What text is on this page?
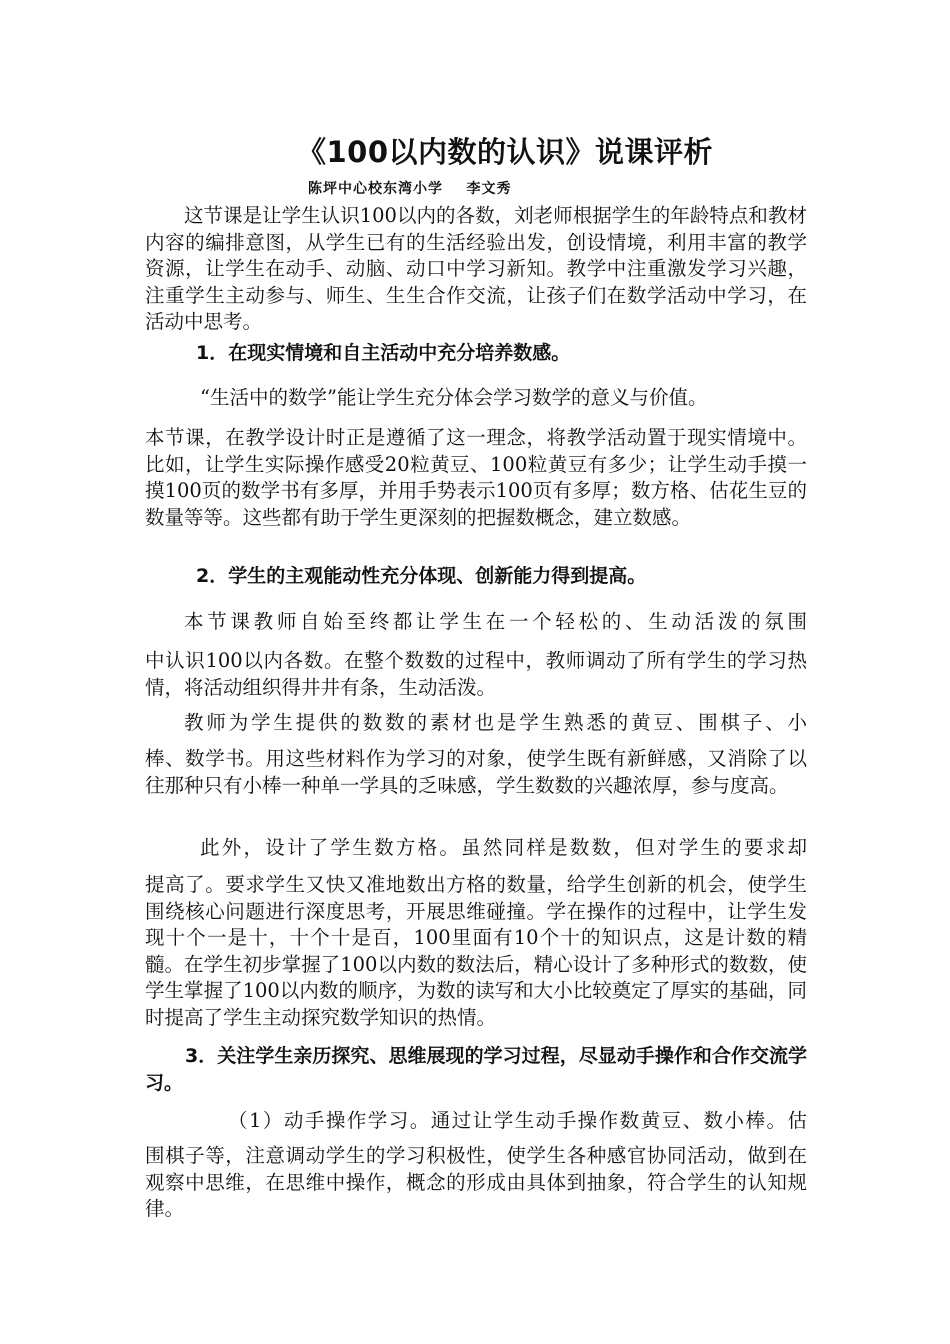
《100以内数的认识》说课评析
陈坪中心校东湾小学    李文秀
这节课是让学生认识100以内的各数，刘老师根据学生的年龄特点和教材内容的编排意图，从学生已有的生活经验出发，创设情境，利用丰富的教学资源，让学生在动手、动脑、动口中学习新知。教学中注重激发学习兴趣，注重学生主动参与、师生、生生合作交流，让孩子们在数学活动中学习，在活动中思考。
1．在现实情境和自主活动中充分培养数感。
“生活中的数学”能让学生充分体会学习数学的意义与价值。
本节课，在教学设计时正是遵循了这一理念，将教学活动置于现实情境中。比如，让学生实际操作感受20粒黄豆、100粒黄豆有多少；让学生动手摸一摸100页的数学书有多厚，并用手势表示100页有多厚；数方格、估花生豆的数量等等。这些都有助于学生更深刻的把握数概念，建立数感。
2．学生的主观能动性充分体现、创新能力得到提高。
本节课教师自始至终都让学生在一个轻松的、生动活泼的氛围
中认识100以内各数。在整个数数的过程中，教师调动了所有学生的学习热情，将活动组织得井井有条，生动活泼。
教师为学生提供的数数的素材也是学生熟悉的黄豆、围棋子、小
棒、数学书。用这些材料作为学习的对象，使学生既有新鲜感，又消除了以往那种只有小棒一种单一学具的乏味感，学生数数的兴趣浓厚，参与度高。
此外，设计了学生数方格。虽然同样是数数，但对学生的要求却
提高了。要求学生又快又准地数出方格的数量，给学生创新的机会，使学生围绕核心问题进行深度思考，开展思维碰撞。学在操作的过程中，让学生发现十个一是十，十个十是百，100里面有10个十的知识点，这是计数的精髓。在学生初步掌握了100以内数的数法后，精心设计了多种形式的数数，使学生掌握了100以内数的顺序，为数的读写和大小比较奠定了厚实的基础，同时提高了学生主动探究数学知识的热情。
3．关注学生亲历探究、思维展现的学习过程，尽显动手操作和合作交流学习。
（1）动手操作学习。通过让学生动手操作数黄豆、数小棒。估
围棋子等，注意调动学生的学习积极性，使学生各种感官协同活动，做到在观察中思维，在思维中操作，概念的形成由具体到抽象，符合学生的认知规律。
